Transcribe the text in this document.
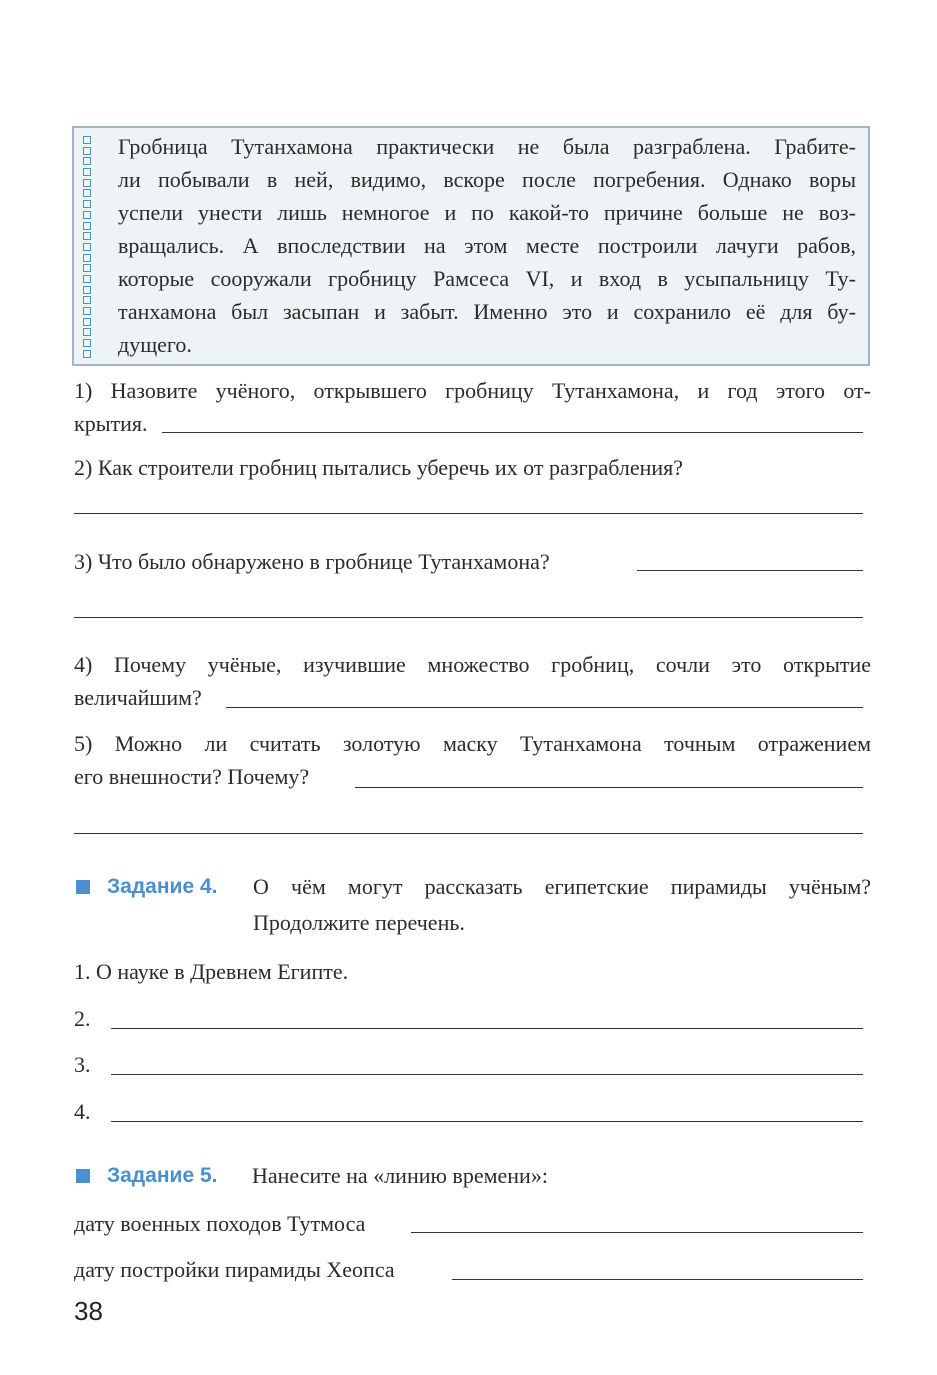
Гробница Тутанхамона практически не была разграблена. Грабите-
ли побывали в ней, видимо, вскоре после погребения. Однако воры
успели унести лишь немногое и по какой-то причине больше не воз-
вращались. А впоследствии на этом месте построили лачуги рабов,
которые сооружали гробницу Рамсеса VI, и вход в усыпальницу Ту-
танхамона был засыпан и забыт. Именно это и сохранило её для бу-
дущего.
1) Назовите учёного, открывшего гробницу Тутанхамона, и год этого от-
крытия.
2) Как строители гробниц пытались уберечь их от разграбления?
3) Что было обнаружено в гробнице Тутанхамона?
4) Почему учёные, изучившие множество гробниц, сочли это открытие
величайшим?
5) Можно ли считать золотую маску Тутанхамона точным отражением
его внешности? Почему?
Задание 4. О чём могут рассказать египетские пирамиды учёным?
Продолжите перечень.
1. О науке в Древнем Египте.
2.
3.
4.
Задание 5. Нанесите на «линию времени»:
дату военных походов Тутмоса
дату постройки пирамиды Хеопса
38
